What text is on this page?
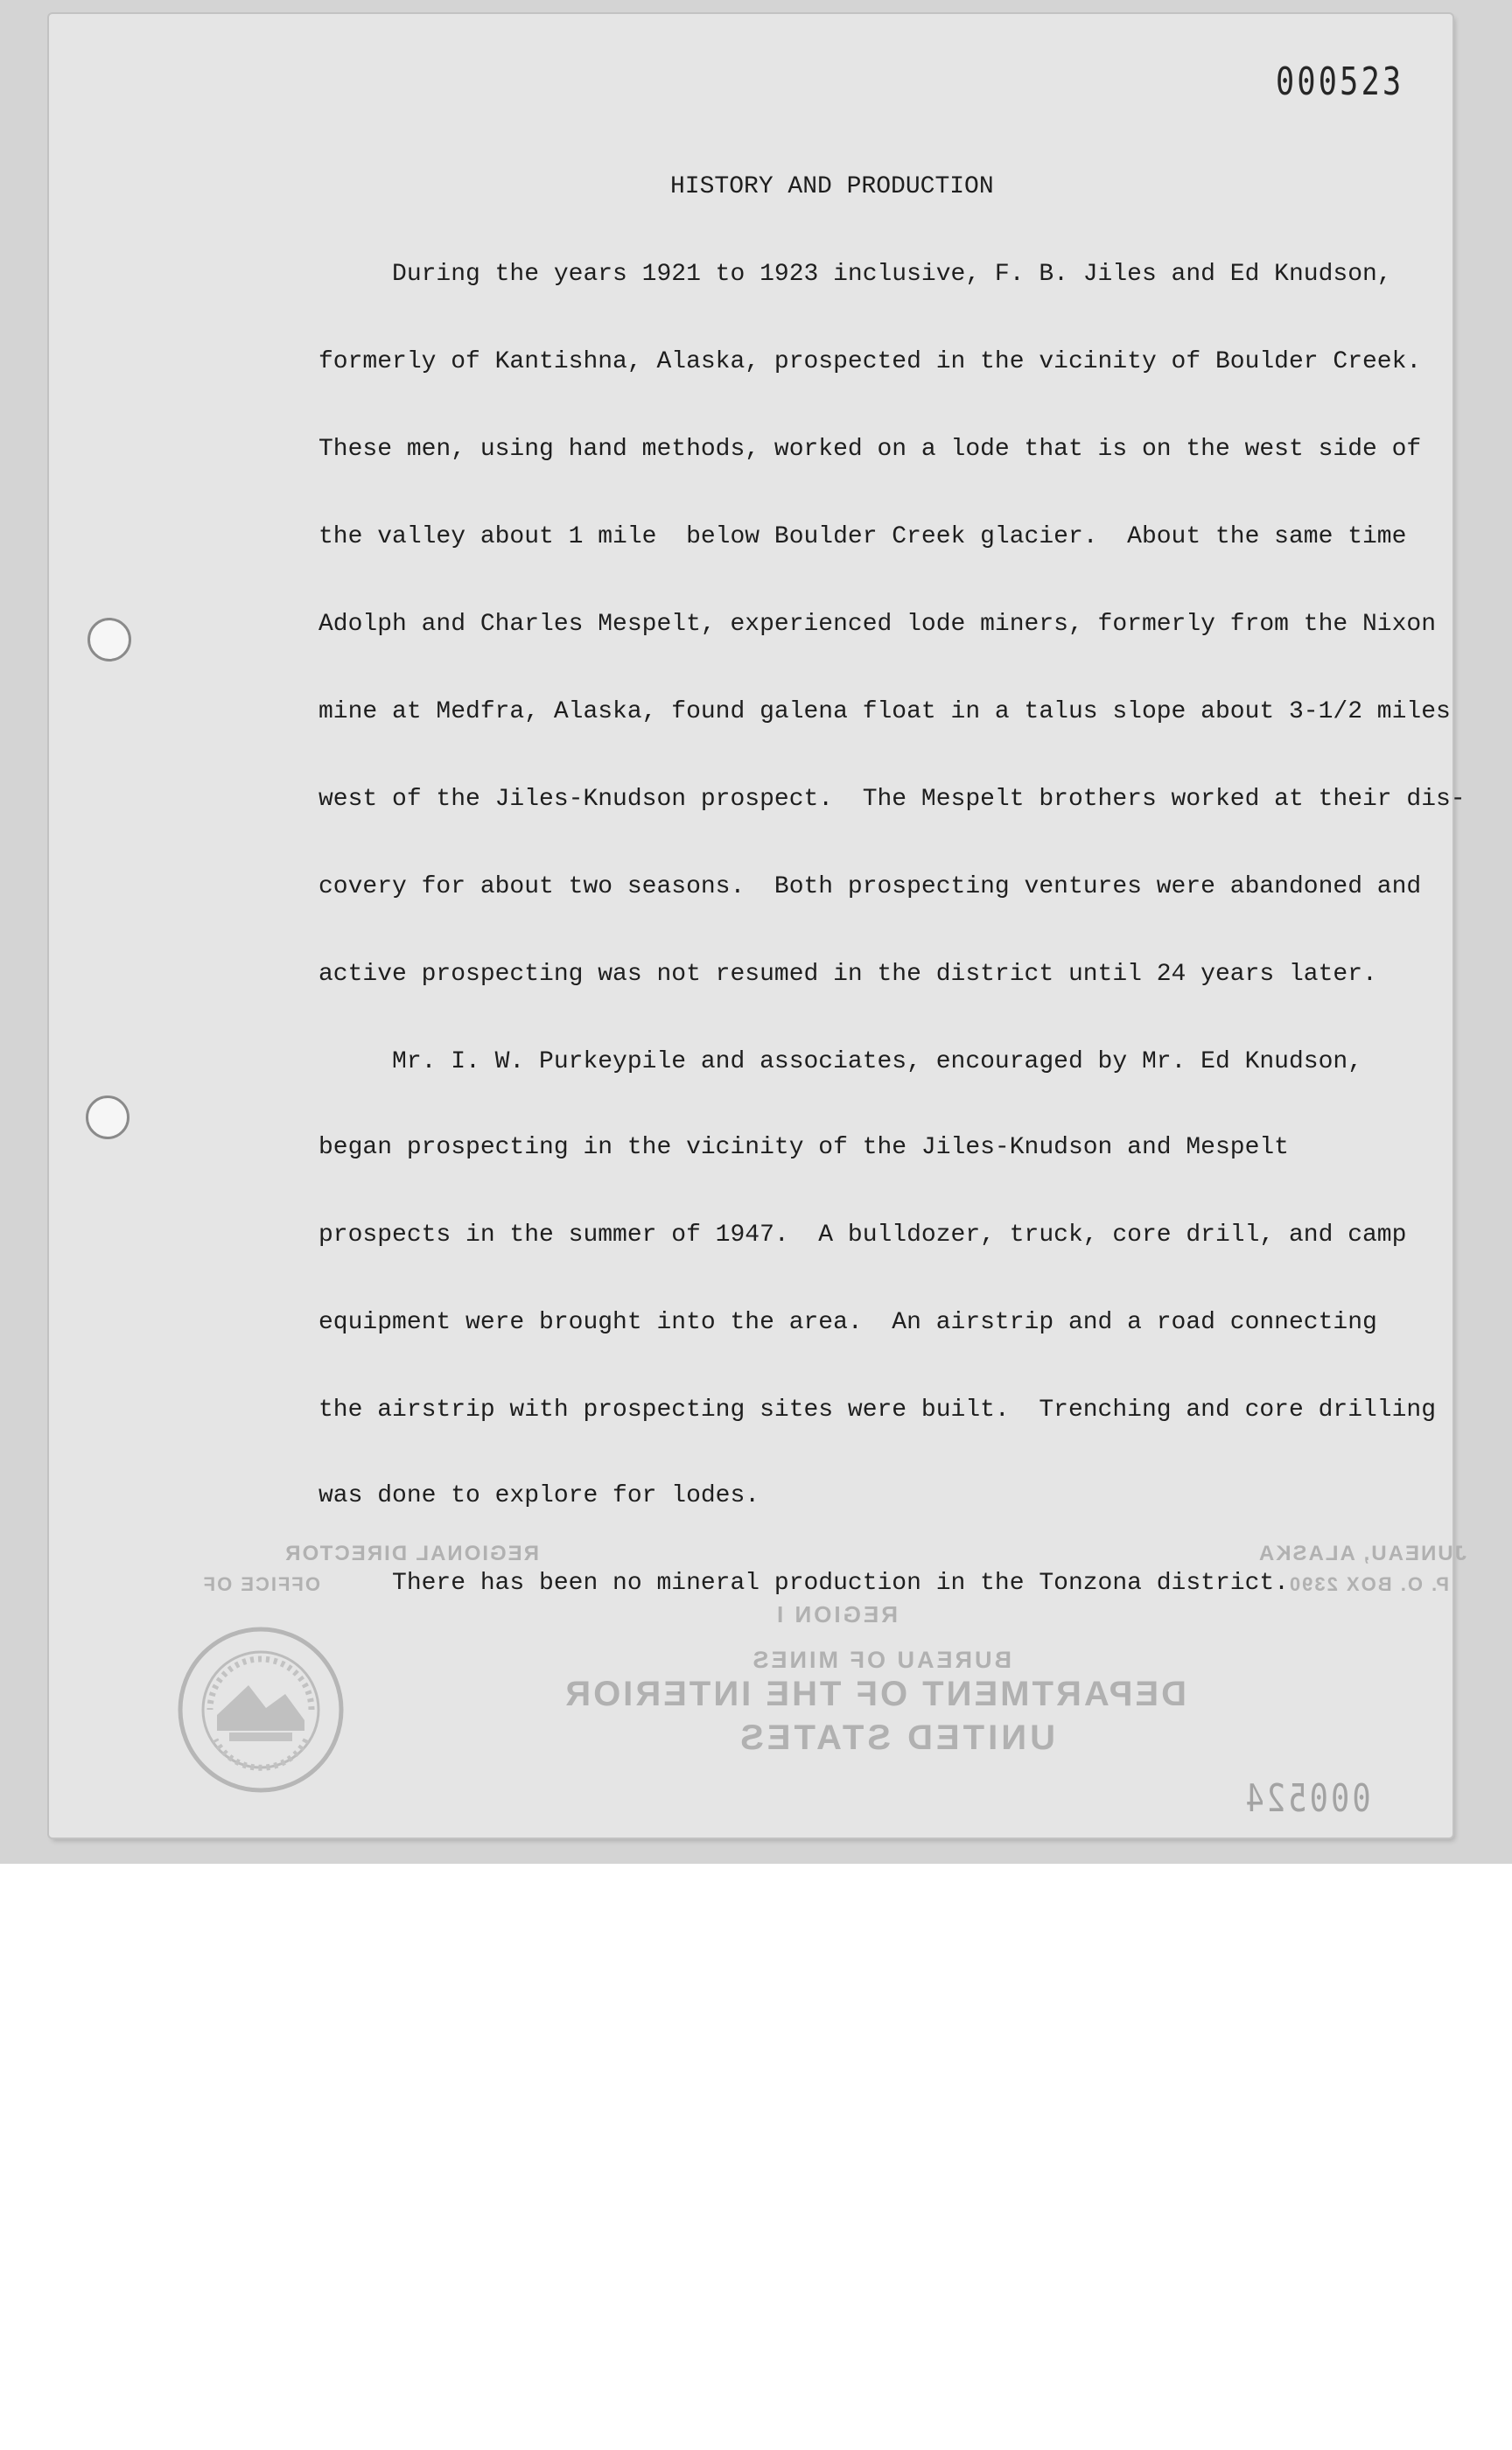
000523
HISTORY AND PRODUCTION
During the years 1921 to 1923 inclusive, F. B. Jiles and Ed Knudson,
formerly of Kantishna, Alaska, prospected in the vicinity of Boulder Creek.
These men, using hand methods, worked on a lode that is on the west side of
the valley about 1 mile  below Boulder Creek glacier.  About the same time
Adolph and Charles Mespelt, experienced lode miners, formerly from the Nixon
mine at Medfra, Alaska, found galena float in a talus slope about 3-1/2 miles
west of the Jiles-Knudson prospect.  The Mespelt brothers worked at their dis-
covery for about two seasons.  Both prospecting ventures were abandoned and
active prospecting was not resumed in the district until 24 years later.
Mr. I. W. Purkeypile and associates, encouraged by Mr. Ed Knudson,
began prospecting in the vicinity of the Jiles-Knudson and Mespelt
prospects in the summer of 1947.  A bulldozer, truck, core drill, and camp
equipment were brought into the area.  An airstrip and a road connecting
the airstrip with prospecting sites were built.  Trenching and core drilling
was done to explore for lodes.
There has been no mineral production in the Tonzona district.
REGIONAL DIRECTOR
OFFICE OF
JUNEAU, ALASKA
P. O. BOX 2390
REGION I
BUREAU OF MINES
DEPARTMENT OF THE INTERIOR
UNITED STATES
000524
